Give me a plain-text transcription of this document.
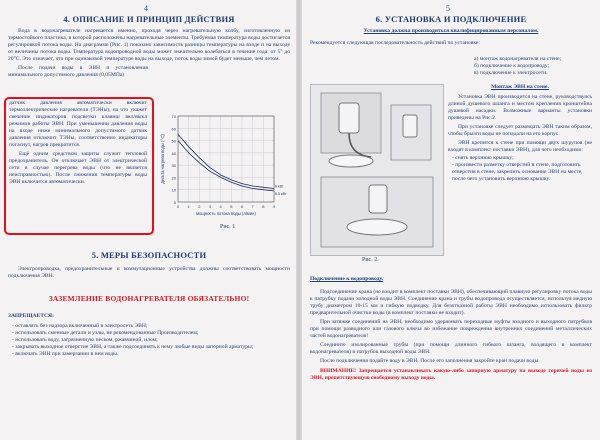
4
4. ОПИСАНИЕ И ПРИНЦИП ДЕЙСТВИЯ

Вода в водонагревателе нагревается именно, проходя через нагревательную колбу, изготовленную из термостойкого пластика, в которой расположены нагревательные элементы. Требуемая температура воды достигается регулировкой потока воды. На диаграмме (Рис. 1) показано зависимость разницы температуры на входе и на выходе от величины потока воды. Температура водопроводной воды может значительно колебаться в течение года: от 5° до 20°С. Это означает, что при одинаковой температуре воды на выходе, поток воды зимой будет меньше, чем летом.

После подачи воды в ЭВН и установления минимального допустимого давления (0,05МПа)

датчик давления автоматически включит термоэлектрические нагреватели (ТЭНы), на что укажет свечение индикаторов подсветки клавиш вкл/выкл режимов работы ЭВН. При уменьшении давления воды на входе ниже минимального допустимого датчик давления отключит ТЭНы, соответственно индикаторы погаснут, нагрев прекратится.

Ещё одним средством защиты служит тепловой предохранитель. Он отключает ЭВН от электрической сети в случае перегрева воды (что не является неисправностью). После снижения температуры воды ЭВН включится автоматически.

70
60
50
40
30
20
10
0
0 1 2 3 4 5 6 7 8 9
6 кВт
5,5 кВт
мощность потока воды (л/мин)
дельта нагрева воды (°С)
Рис. 1
5. МЕРЫ БЕЗОПАСНОСТИ

Электропроводка, предохранительные и коммутационные устройства должны соответствовать мощности подключения ЭВН.

ЗАЗЕМЛЕНИЕ ВОДОНАГРЕВАТЕЛЯ ОБЯЗАТЕЛЬНО!

ЗАПРЕЩАЕТСЯ:

- оставлять без надзора включенный в электросеть ЭВН;
- использовать сменные детали и узлы, не рекомендованные Производителем;
- использовать воду, загрязненную песком, ржавчиной, илом;
- закрывать выходное отверстие ЭВН, а также подсоединять к нему любые виды запорной арматуры;
- включать ЭВН при замерзании в нем воды.
5
6. УСТАНОВКА И ПОДКЛЮЧЕНИЕ

Установка должна производиться квалифицированным персоналом.

Рекомендуется следующая последовательность действий по установке:

а) монтаж водонагревателя на стене;
б) подключение к водопроводу;
в) подключение к электросети.
Рис. 2.

Монтаж ЭВН на стене.

Установка ЭВН производится на стене, руководствуясь длиной душевого шланга и местом крепления кронштейна душевой насадки. Возможные варианты установки приведены на Рис.2.

При установке следует размещать ЭВН таким образом, чтобы брызги воды не попадали на его корпус.

ЭВН крепится к стене при помощи двух шурупов (не входят в комплект поставки ЭВН), для чего необходимо:

- снять верхнюю крышку;
- произвести разметку отверстий в стене, подготовить отверстия в стене, закрепить основание ЭВН на месте, после чего установить верхнюю крышку.

Подключение к водопроводу.

Подсоединение крана (не входит в комплект поставки ЭВН), обеспечивающий плавную регулировку потока воды к патрубку подачи холодной воды ЭВН. Соединение крана и трубы водопровода осуществляется, используя медную трубу диаметром 10-15 мм и гибкую подводку. Для безотказной работы ЭВН необходимо использовать фильтр предварительной очистки воды (в комплект поставки не входит).

При затяжке соединений на ЭВН, необходимо удерживать переходные муфты входного и выходного патрубков при помощи разводного или газового ключа во избежание повреждения внутренних соединений металлических частей водонагревателя!

Соедините изолированные трубы (при помощи длинного гибкого шланга, входящего в комплект водонагревателя) и патрубок выходной воды ЭВН.

После подключения подайте воду в ЭВН. После его заполнения закройте кран подачи воды.

ВНИМАНИЕ! Запрещается устанавливать какую-либо запорную арматуру на выходе горячей воды из ЭВН, препятствующую свободному выходу воды.
